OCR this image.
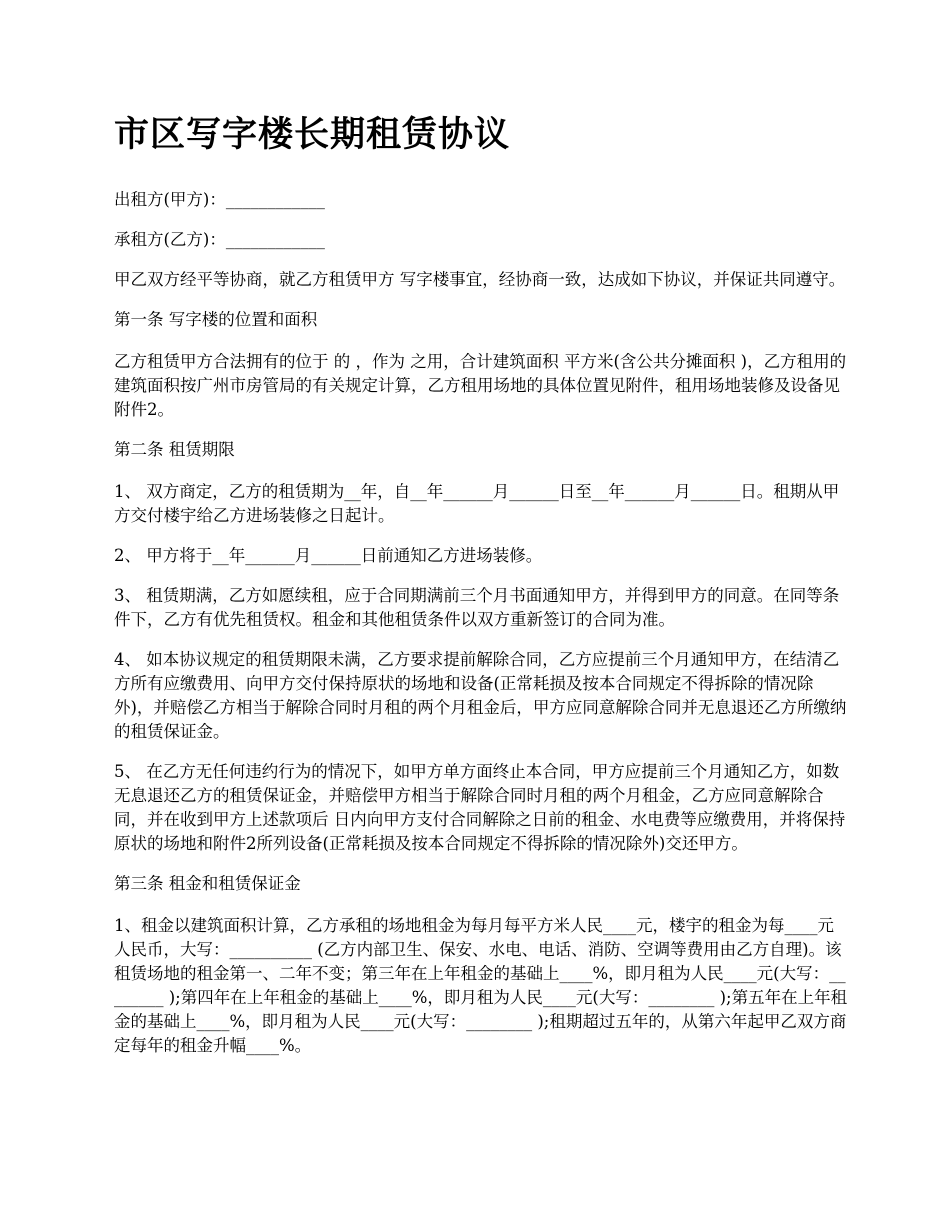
市区写字楼长期租赁协议

出租方(甲方)：____________

承租方(乙方)：____________

甲乙双方经平等协商，就乙方租赁甲方 写字楼事宜，经协商一致，达成如下协议，并保证共同遵守。

第一条 写字楼的位置和面积

乙方租赁甲方合法拥有的位于 的 ，作为 之用，合计建筑面积 平方米(含公共分摊面积 )，乙方租用的建筑面积按广州市房管局的有关规定计算，乙方租用场地的具体位置见附件，租用场地装修及设备见附件2。

第二条 租赁期限

1、 双方商定，乙方的租赁期为__年，自__年______月______日至__年______月______日。租期从甲方交付楼宇给乙方进场装修之日起计。

2、 甲方将于__年______月______日前通知乙方进场装修。

3、 租赁期满，乙方如愿续租，应于合同期满前三个月书面通知甲方，并得到甲方的同意。在同等条件下，乙方有优先租赁权。租金和其他租赁条件以双方重新签订的合同为准。

4、 如本协议规定的租赁期限未满，乙方要求提前解除合同，乙方应提前三个月通知甲方，在结清乙方所有应缴费用、向甲方交付保持原状的场地和设备(正常耗损及按本合同规定不得拆除的情况除外)，并赔偿乙方相当于解除合同时月租的两个月租金后，甲方应同意解除合同并无息退还乙方所缴纳的租赁保证金。

5、 在乙方无任何违约行为的情况下，如甲方单方面终止本合同，甲方应提前三个月通知乙方，如数无息退还乙方的租赁保证金，并赔偿甲方相当于解除合同时月租的两个月租金，乙方应同意解除合同，并在收到甲方上述款项后 日内向甲方支付合同解除之日前的租金、水电费等应缴费用，并将保持原状的场地和附件2所列设备(正常耗损及按本合同规定不得拆除的情况除外)交还甲方。

第三条 租金和租赁保证金

1、租金以建筑面积计算，乙方承租的场地租金为每月每平方米人民____元，楼宇的租金为每____元人民币，大写：__________ (乙方内部卫生、保安、水电、电话、消防、空调等费用由乙方自理)。该租赁场地的租金第一、二年不变；第三年在上年租金的基础上____%，即月租为人民____元(大写：________ );第四年在上年租金的基础上____%，即月租为人民____元(大写：________ );第五年在上年租金的基础上____%，即月租为人民____元(大写：________ );租期超过五年的，从第六年起甲乙双方商定每年的租金升幅____%。
